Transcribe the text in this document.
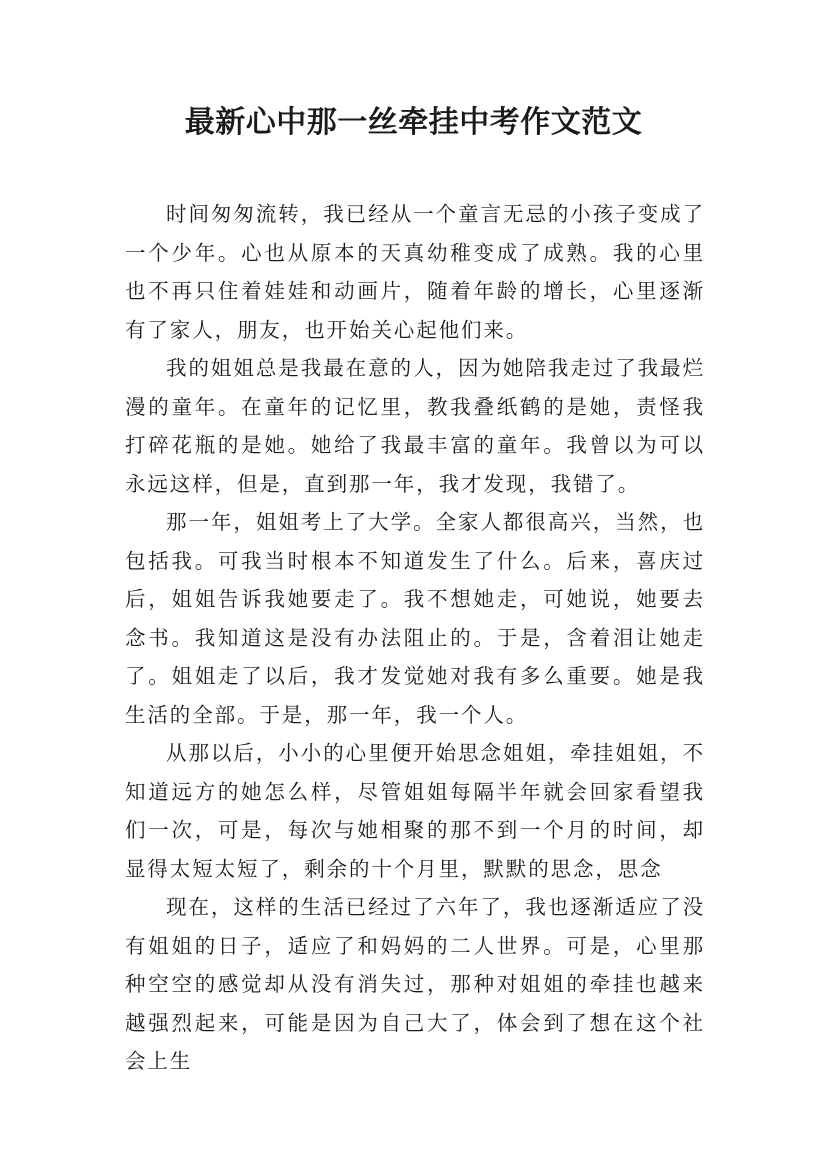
最新心中那一丝牵挂中考作文范文

时间匆匆流转，我已经从一个童言无忌的小孩子变成了一个少年。心也从原本的天真幼稚变成了成熟。我的心里也不再只住着娃娃和动画片，随着年龄的增长，心里逐渐有了家人，朋友，也开始关心起他们来。

我的姐姐总是我最在意的人，因为她陪我走过了我最烂漫的童年。在童年的记忆里，教我叠纸鹤的是她，责怪我打碎花瓶的是她。她给了我最丰富的童年。我曾以为可以永远这样，但是，直到那一年，我才发现，我错了。

那一年，姐姐考上了大学。全家人都很高兴，当然，也包括我。可我当时根本不知道发生了什么。后来，喜庆过后，姐姐告诉我她要走了。我不想她走，可她说，她要去念书。我知道这是没有办法阻止的。于是，含着泪让她走了。姐姐走了以后，我才发觉她对我有多么重要。她是我生活的全部。于是，那一年，我一个人。

从那以后，小小的心里便开始思念姐姐，牵挂姐姐，不知道远方的她怎么样，尽管姐姐每隔半年就会回家看望我们一次，可是，每次与她相聚的那不到一个月的时间，却显得太短太短了，剩余的十个月里，默默的思念，思念

现在，这样的生活已经过了六年了，我也逐渐适应了没有姐姐的日子，适应了和妈妈的二人世界。可是，心里那种空空的感觉却从没有消失过，那种对姐姐的牵挂也越来越强烈起来，可能是因为自己大了，体会到了想在这个社会上生
